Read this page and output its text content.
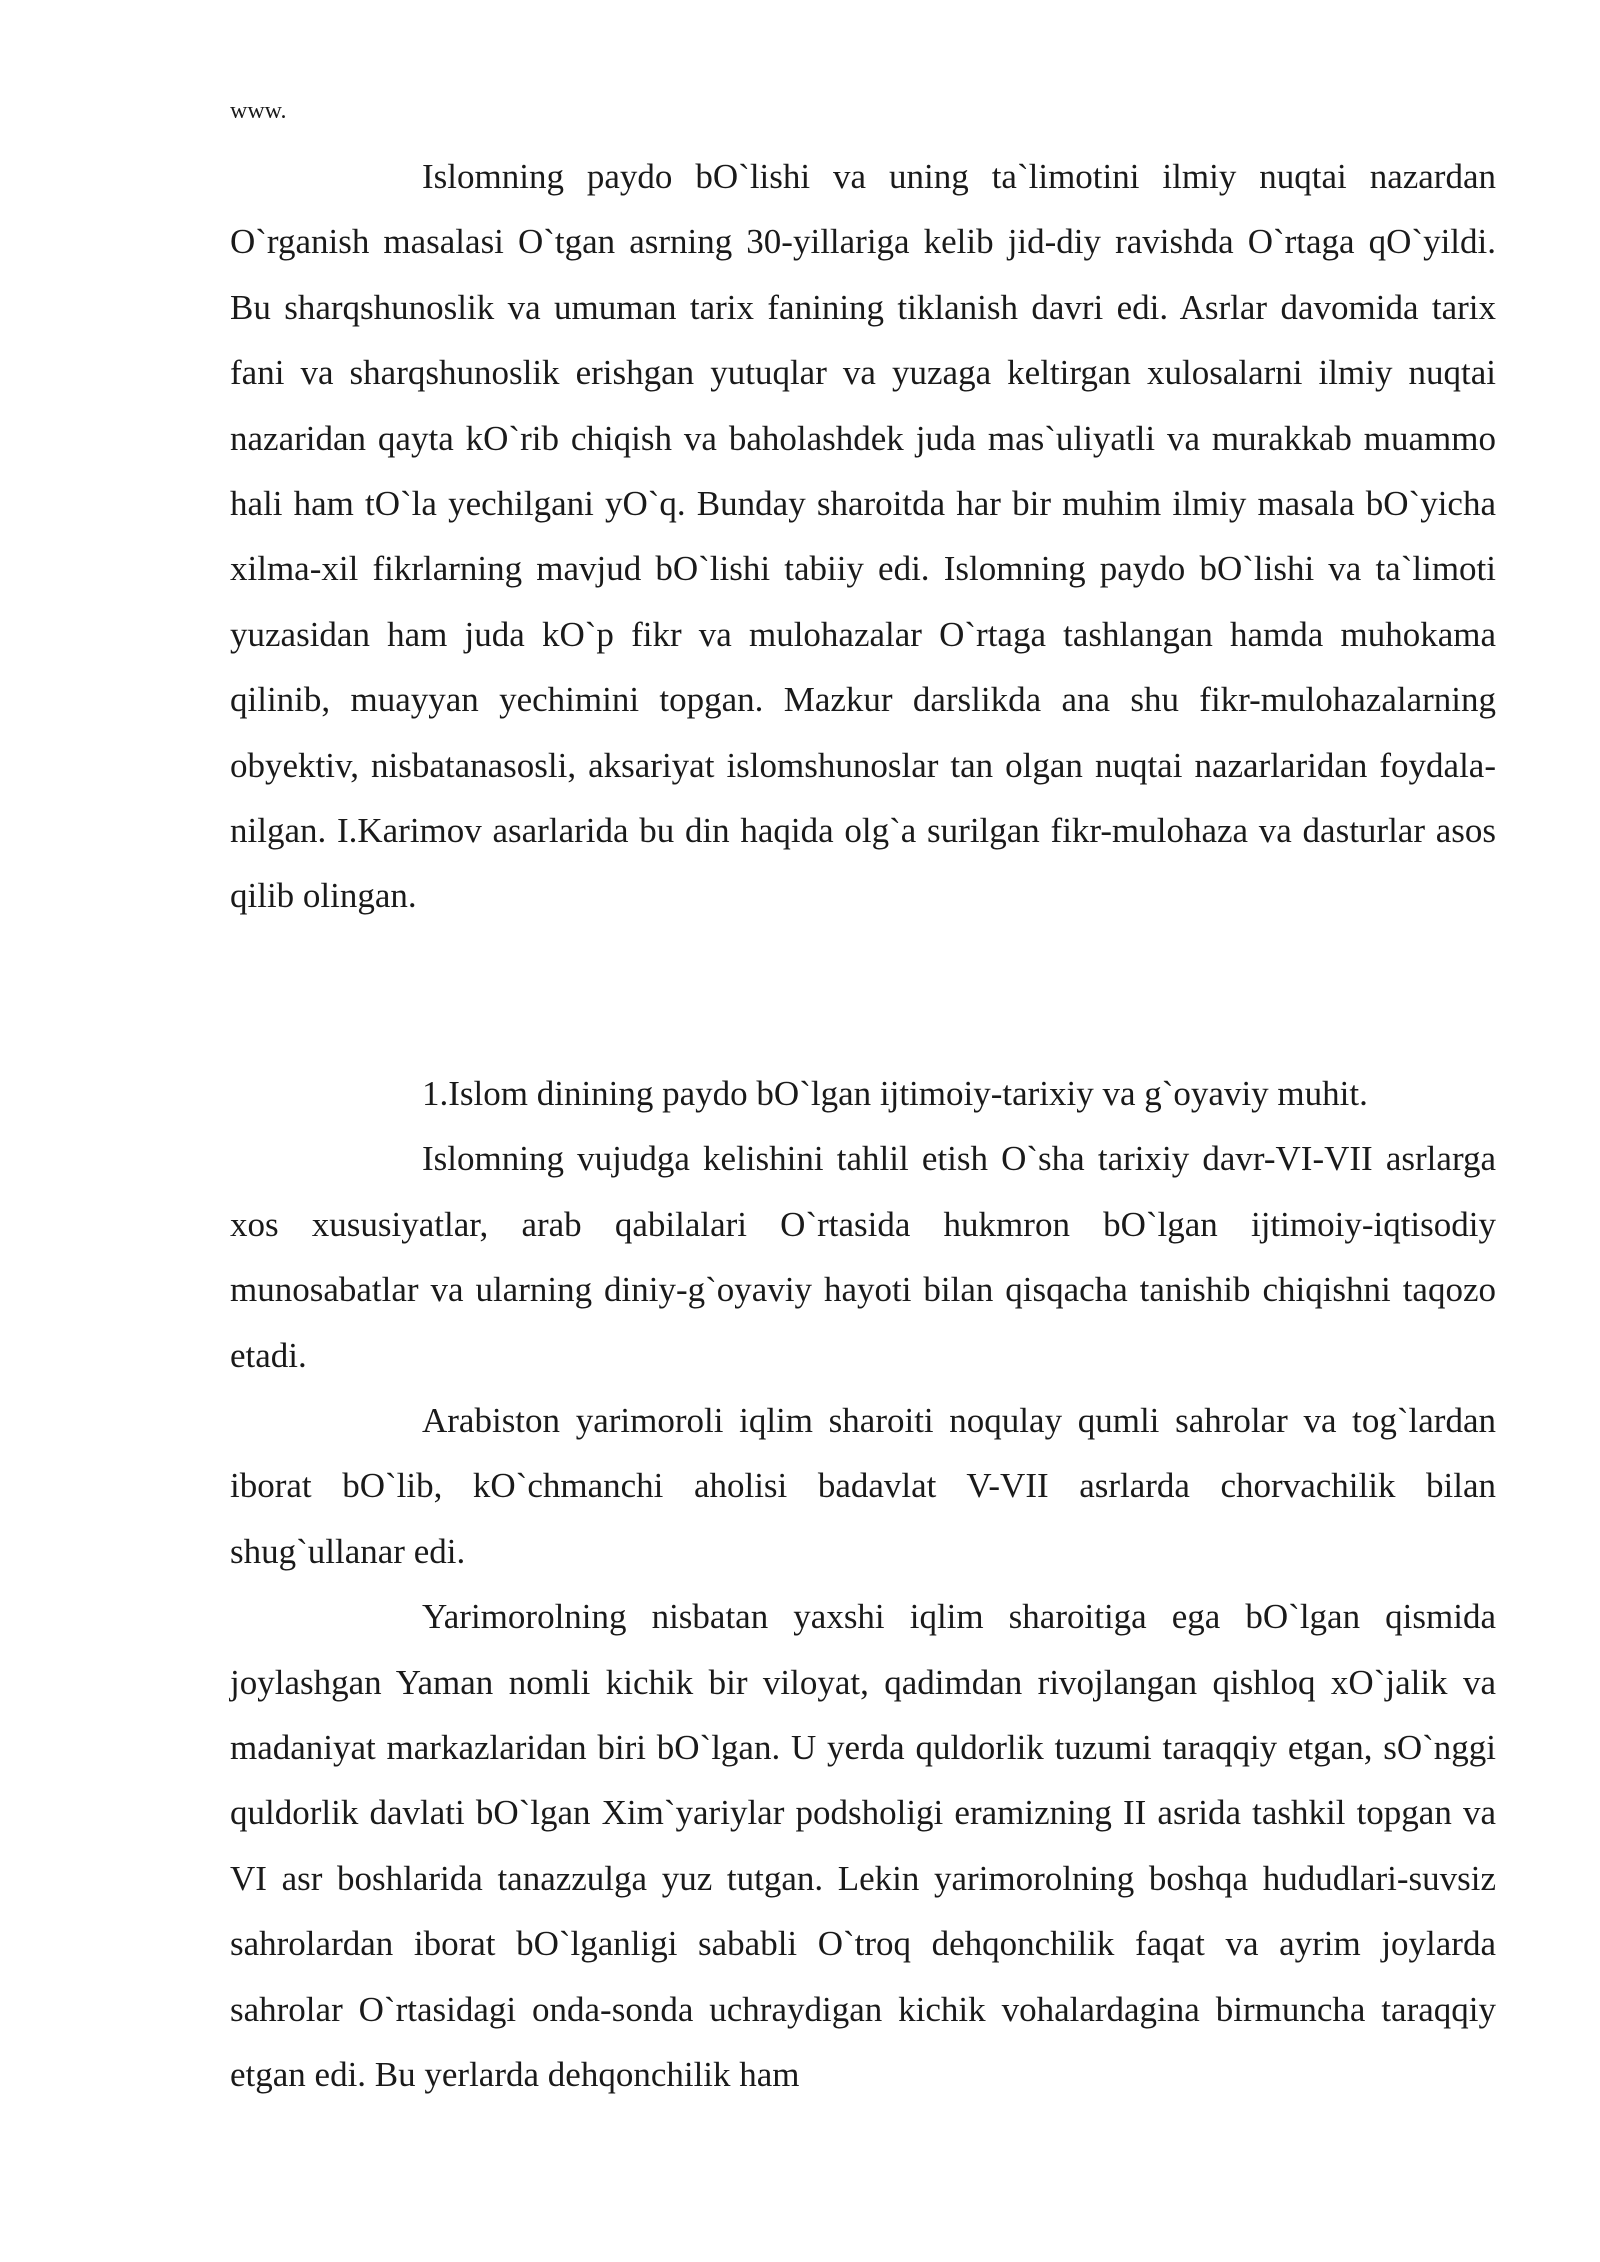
www.

Islomning paydo bO`lishi va uning ta`limotini ilmiy nuqtai nazardan O`rganish masalasi O`tgan asrning 30-yillariga kelib jid-diy ravishda O`rtaga qO`yildi. Bu sharqshunoslik va umuman tarix fanining tiklanish davri edi. Asrlar davomida tarix fani va sharqshunoslik erishgan yutuqlar va yuzaga keltirgan xulosalarni ilmiy nuqtai nazaridan qayta kO`rib chiqish va baholashdek juda mas`uliyatli va murakkab muammo hali ham tO`la yechilgani yO`q. Bunday sharoitda har bir muhim ilmiy masala bO`yicha xilma-xil fikrlarning mavjud bO`lishi tabiiy edi. Islomning paydo bO`lishi va ta`limoti yuzasidan ham juda kO`p fikr va mulohazalar O`rtaga tashlangan hamda muhokama qilinib, muayyan yechimini topgan. Mazkur darslikda ana shu fikr-mulohazalarning obyektiv, nisbatanasosli, aksariyat islomshunoslar tan olgan nuqtai nazarlaridan foydala-nilgan. I.Karimov asarlarida bu din haqida olg`a surilgan fikr-mulohaza va dasturlar asos qilib olingan.

1.Islom dinining paydo bO`lgan ijtimoiy-tarixiy va g`oyaviy muhit.

Islomning vujudga kelishini tahlil etish O`sha tarixiy davr-VI-VII asrlarga xos xususiyatlar, arab qabilalari O`rtasida hukmron bO`lgan ijtimoiy-iqtisodiy munosabatlar va ularning diniy-g`oyaviy hayoti bilan qisqacha tanishib chiqishni taqozo etadi.

Arabiston yarimoroli iqlim sharoiti noqulay qumli sahrolar va tog`lardan iborat bO`lib, kO`chmanchi aholisi badavlat V-VII asrlarda chorvachilik bilan shug`ullanar edi.

Yarimorolning nisbatan yaxshi iqlim sharoitiga ega bO`lgan qismida joylashgan Yaman nomli kichik bir viloyat, qadimdan rivojlangan qishloq xO`jalik va madaniyat markazlaridan biri bO`lgan. U yerda quldorlik tuzumi taraqqiy etgan, sO`nggi quldorlik davlati bO`lgan Xim`yariylar podsholigi eramizning II asrida tashkil topgan va VI asr boshlarida tanazzulga yuz tutgan. Lekin yarimorolning boshqa hududlari-suvsiz sahrolardan iborat bO`lganligi sababli O`troq dehqonchilik faqat va ayrim joylarda sahrolar O`rtasidagi onda-sonda uchraydigan kichik vohalardagina birmuncha taraqqiy etgan edi. Bu yerlarda dehqonchilik ham
